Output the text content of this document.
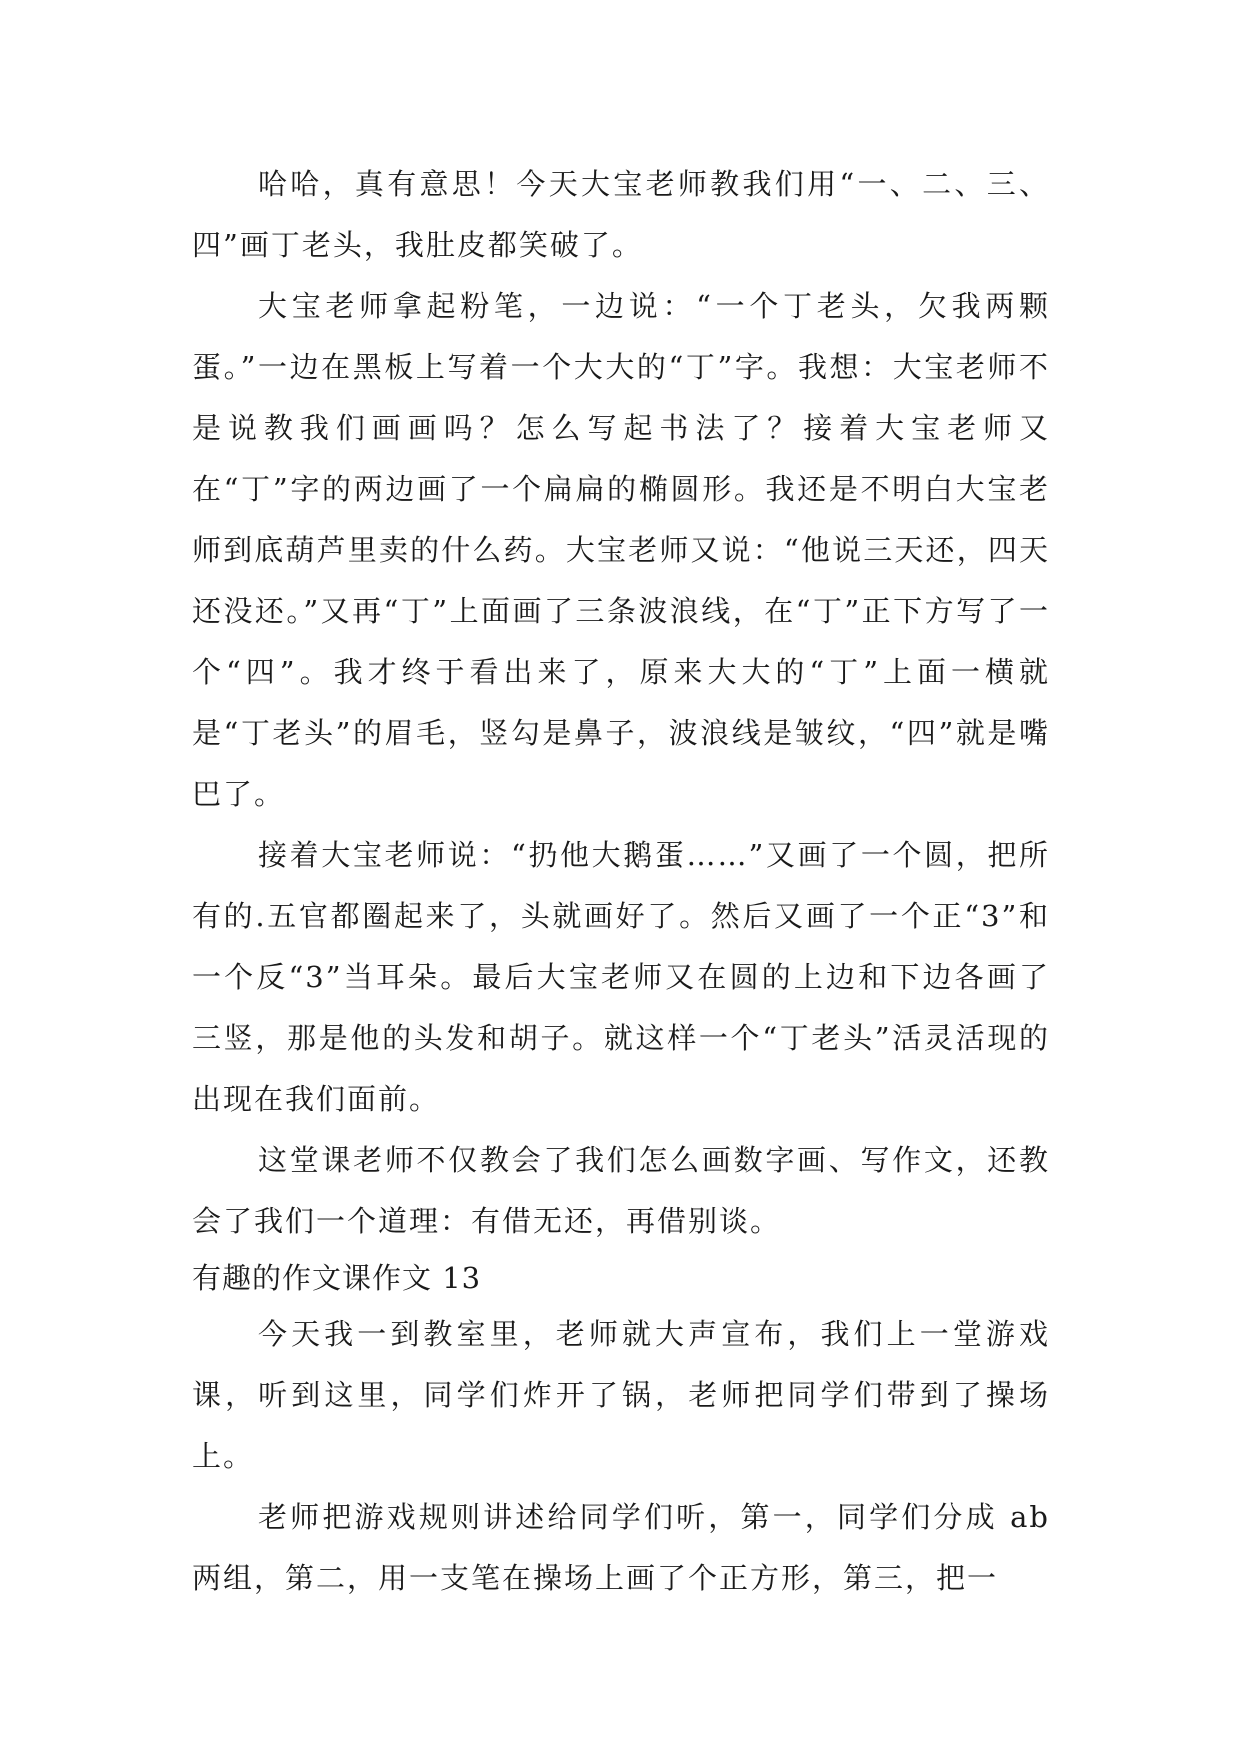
哈哈，真有意思！今天大宝老师教我们用“一、二、三、四”画丁老头，我肚皮都笑破了。

大宝老师拿起粉笔，一边说：“一个丁老头，欠我两颗蛋。”一边在黑板上写着一个大大的“丁”字。我想：大宝老师不是说教我们画画吗？怎么写起书法了？接着大宝老师又在“丁”字的两边画了一个扁扁的椭圆形。我还是不明白大宝老师到底葫芦里卖的什么药。大宝老师又说：“他说三天还，四天还没还。”又再“丁”上面画了三条波浪线，在“丁”正下方写了一个“四”。我才终于看出来了，原来大大的“丁”上面一横就是“丁老头”的眉毛，竖勾是鼻子，波浪线是皱纹，“四”就是嘴巴了。

接着大宝老师说：“扔他大鹅蛋……”又画了一个圆，把所有的.五官都圈起来了，头就画好了。然后又画了一个正“3”和一个反“3”当耳朵。最后大宝老师又在圆的上边和下边各画了三竖，那是他的头发和胡子。就这样一个“丁老头”活灵活现的出现在我们面前。

这堂课老师不仅教会了我们怎么画数字画、写作文，还教会了我们一个道理：有借无还，再借别谈。

有趣的作文课作文 13

今天我一到教室里，老师就大声宣布，我们上一堂游戏课，听到这里，同学们炸开了锅，老师把同学们带到了操场上。

老师把游戏规则讲述给同学们听，第一，同学们分成 ab 两组，第二，用一支笔在操场上画了个正方形，第三，把一
